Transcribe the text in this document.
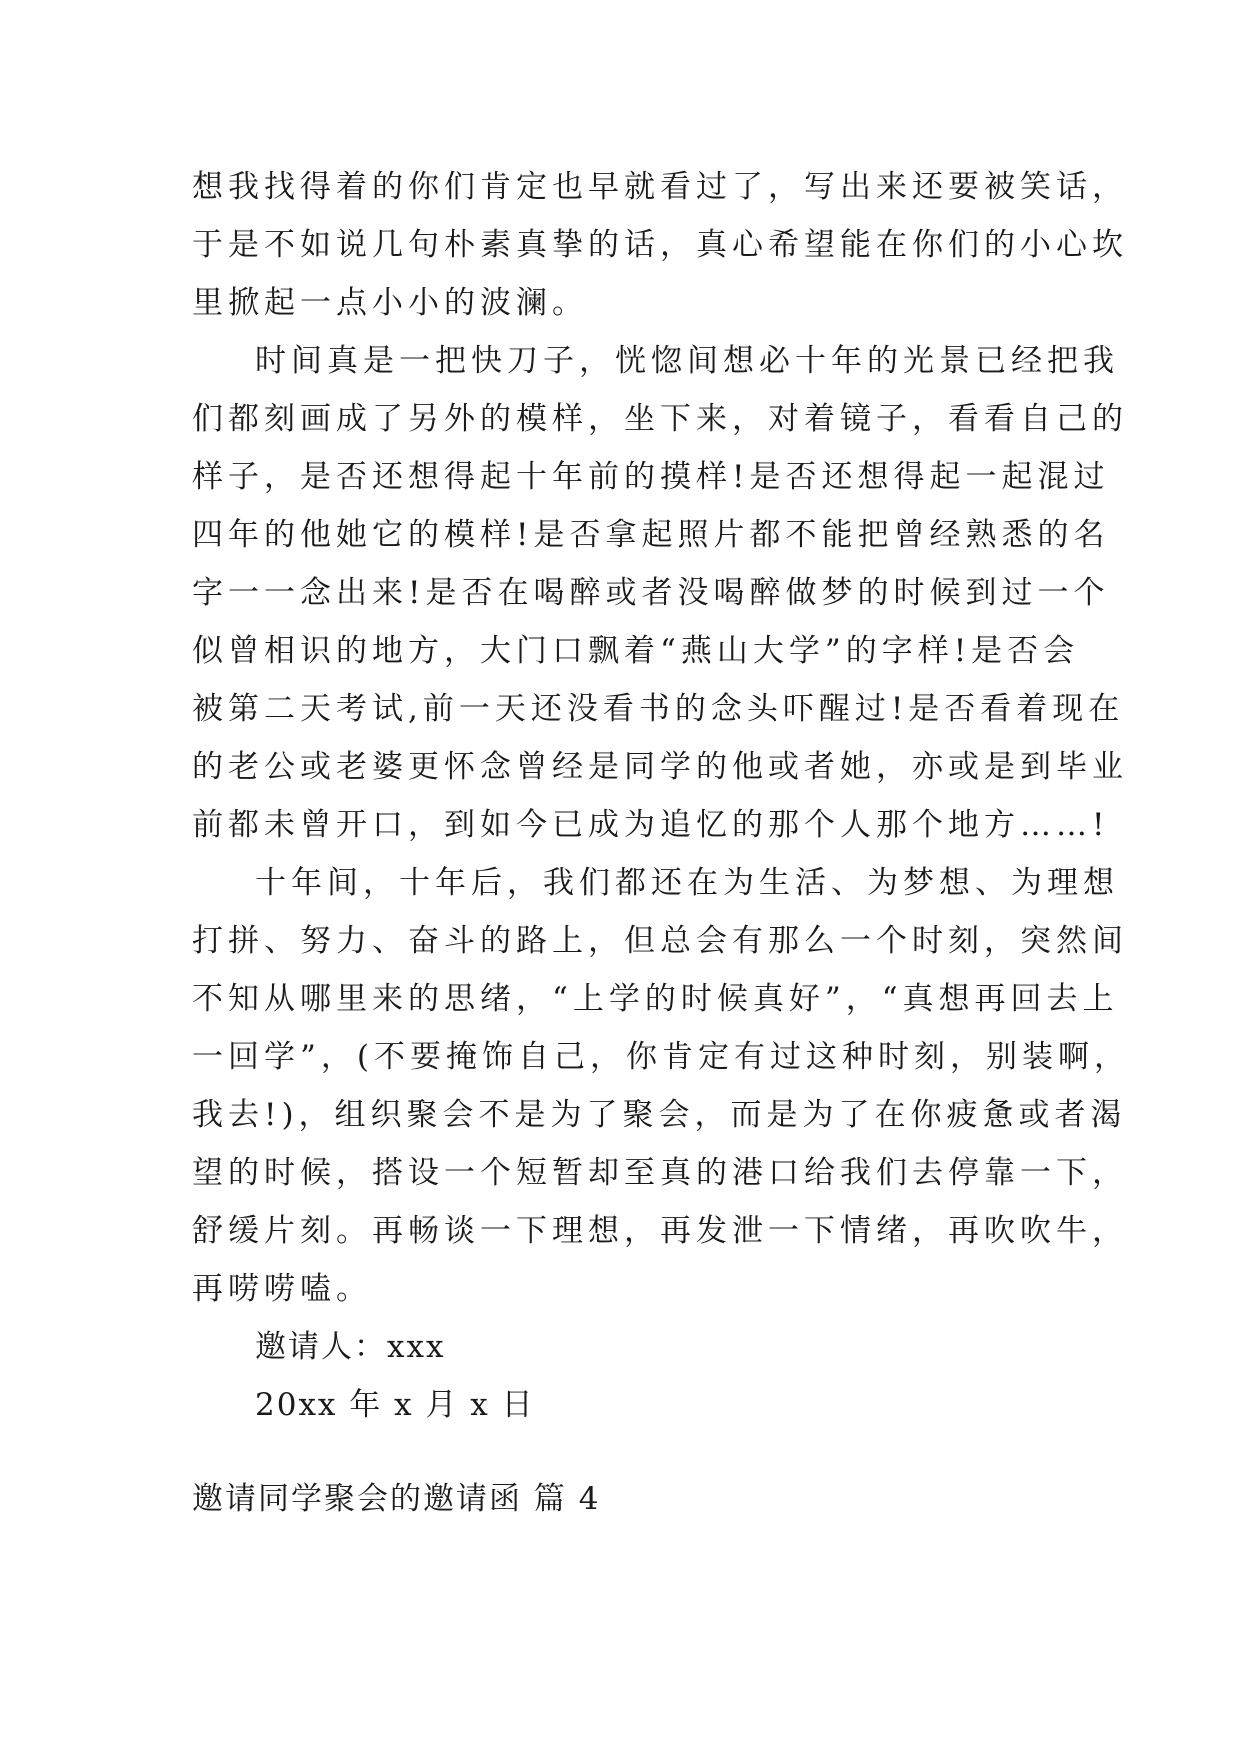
想我找得着的你们肯定也早就看过了，写出来还要被笑话，
于是不如说几句朴素真挚的话，真心希望能在你们的小心坎
里掀起一点小小的波澜。
时间真是一把快刀子，恍惚间想必十年的光景已经把我
们都刻画成了另外的模样，坐下来，对着镜子，看看自己的
样子，是否还想得起十年前的摸样!是否还想得起一起混过
四年的他她它的模样!是否拿起照片都不能把曾经熟悉的名
字一一念出来!是否在喝醉或者没喝醉做梦的时候到过一个
似曾相识的地方，大门口飘着“燕山大学”的字样!是否会
被第二天考试,前一天还没看书的念头吓醒过!是否看着现在
的老公或老婆更怀念曾经是同学的他或者她，亦或是到毕业
前都未曾开口，到如今已成为追忆的那个人那个地方……!
十年间，十年后，我们都还在为生活、为梦想、为理想
打拼、努力、奋斗的路上，但总会有那么一个时刻，突然间
不知从哪里来的思绪，“上学的时候真好”，“真想再回去上
一回学”，(不要掩饰自己，你肯定有过这种时刻，别装啊，
我去!)，组织聚会不是为了聚会，而是为了在你疲惫或者渴
望的时候，搭设一个短暂却至真的港口给我们去停靠一下，
舒缓片刻。再畅谈一下理想，再发泄一下情绪，再吹吹牛，
再唠唠嗑。
邀请人：xxx
20xx 年 x 月 x 日
邀请同学聚会的邀请函 篇 4
